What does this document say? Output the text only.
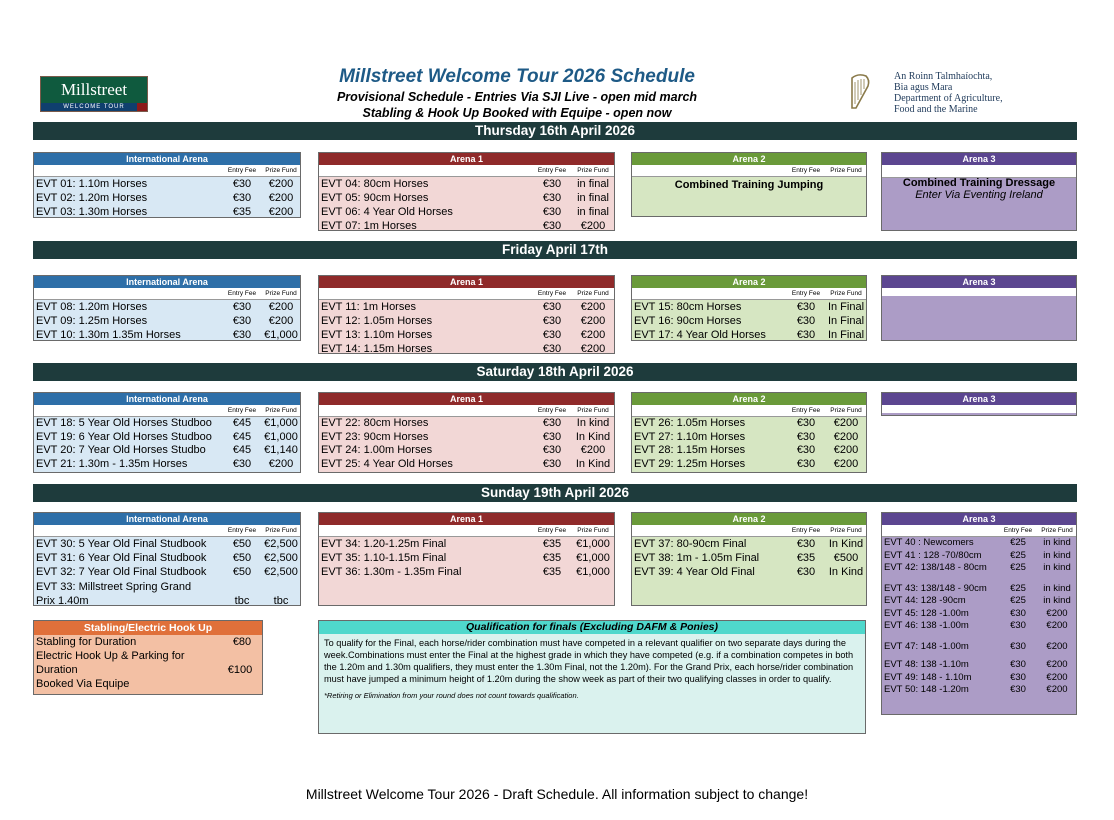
Millstreet
WELCOME TOUR
Millstreet Welcome Tour 2026 Schedule
Provisional Schedule - Entries Via SJI Live - open mid march
Stabling & Hook Up Booked with Equipe - open now
An Roinn Talmhaíochta,
Bia agus Mara
Department of Agriculture,
Food and the Marine
Thursday 16th April 2026
International Arena
Entry Fee	Prize Fund
EVT 01: 1.10m Horses	€30	€200
EVT 02: 1.20m Horses	€30	€200
EVT 03: 1.30m Horses	€35	€200
Arena 1
Entry Fee	Prize Fund
EVT 04: 80cm Horses	€30	in final
EVT 05: 90cm Horses	€30	in final
EVT 06: 4 Year Old Horses	€30	in final
EVT 07: 1m Horses	€30	€200
Arena 2
Entry Fee	Prize Fund
Combined Training Jumping
Arena 3
Combined Training Dressage
Enter Via Eventing Ireland
Friday April 17th
International Arena
Entry Fee	Prize Fund
EVT 08: 1.20m Horses	€30	€200
EVT 09: 1.25m Horses	€30	€200
EVT 10: 1.30m 1.35m Horses	€30	€1,000
Arena 1
Entry Fee	Prize Fund
EVT 11: 1m Horses	€30	€200
EVT 12: 1.05m Horses	€30	€200
EVT 13: 1.10m Horses	€30	€200
EVT 14: 1.15m Horses	€30	€200
Arena 2
Entry Fee	Prize Fund
EVT 15: 80cm Horses	€30	In Final
EVT 16: 90cm Horses	€30	In Final
EVT 17: 4 Year Old Horses	€30	In Final
Arena 3
Saturday 18th April 2026
International Arena
Entry Fee	Prize Fund
EVT 18: 5 Year Old Horses Studboo	€45	€1,000
EVT 19: 6 Year Old Horses Studboo	€45	€1,000
EVT 20: 7 Year Old Horses Studbo	€45	€1,140
EVT 21: 1.30m - 1.35m Horses	€30	€200
Arena 1
Entry Fee	Prize Fund
EVT 22: 80cm Horses	€30	In kind
EVT 23: 90cm Horses	€30	In Kind
EVT 24: 1.00m Horses	€30	€200
EVT 25: 4 Year Old Horses	€30	In Kind
Arena 2
Entry Fee	Prize Fund
EVT 26: 1.05m Horses	€30	€200
EVT 27: 1.10m Horses	€30	€200
EVT 28: 1.15m Horses	€30	€200
EVT 29: 1.25m Horses	€30	€200
Arena 3
Sunday 19th April 2026
International Arena
Entry Fee	Prize Fund
EVT 30: 5 Year Old Final Studbook	€50	€2,500
EVT 31: 6 Year Old Final Studbook	€50	€2,500
EVT 32: 7 Year Old Final Studbook	€50	€2,500
EVT 33: Millstreet Spring Grand
Prix 1.40m	tbc	tbc
Arena 1
Entry Fee	Prize Fund
EVT 34: 1.20-1.25m Final	€35	€1,000
EVT 35: 1.10-1.15m Final	€35	€1,000
EVT 36: 1.30m - 1.35m Final	€35	€1,000
Arena 2
Entry Fee	Prize Fund
EVT 37: 80-90cm Final	€30	In Kind
EVT 38: 1m - 1.05m Final	€35	€500
EVT 39: 4 Year Old Final	€30	In Kind
Arena 3
Entry Fee	Prize Fund
EVT 40 : Newcomers	€25	in kind
EVT 41 : 128 -70/80cm	€25	in kind
EVT 42: 138/148 - 80cm	€25	in kind
EVT 43: 138/148 - 90cm	€25	in kind
EVT 44: 128 -90cm	€25	in kind
EVT 45: 128 -1.00m	€30	€200
EVT 46: 138 -1.00m	€30	€200
EVT 47: 148 -1.00m	€30	€200
EVT 48: 138 -1.10m	€30	€200
EVT 49: 148 - 1.10m	€30	€200
EVT 50: 148 -1.20m	€30	€200
Stabling/Electric Hook Up
Stabling for Duration	€80
Electric Hook Up & Parking for
Duration	€100
Booked Via Equipe
Qualification for finals (Excluding DAFM & Ponies)
To qualify for the Final, each horse/rider combination must have competed in a relevant qualifier on two separate days during the week.Combinations must enter the Final at the highest grade in which they have competed (e.g. if a combination competes in both the 1.20m and 1.30m qualifiers, they must enter the 1.30m Final, not the 1.20m). For the Grand Prix, each horse/rider combination must have jumped a minimum height of 1.20m during the show week as part of their two qualifying classes in order to qualify.
*Retiring or Elimination from your round does not count towards qualification.
Millstreet Welcome Tour 2026 - Draft Schedule. All information subject to change!
